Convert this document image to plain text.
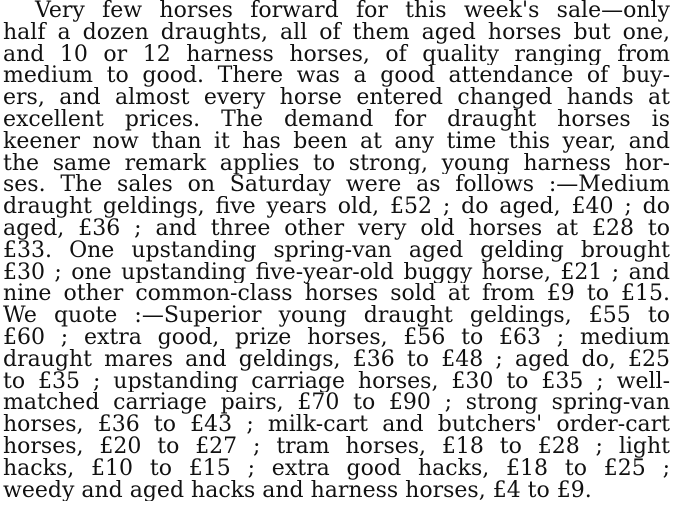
Very few horses forward for this week's sale—only
half a dozen draughts, all of them aged horses but one,
and 10 or 12 harness horses, of quality ranging from
medium to good. There was a good attendance of buy-
ers, and almost every horse entered changed hands at
excellent prices. The demand for draught horses is
keener now than it has been at any time this year, and
the same remark applies to strong, young harness hor-
ses. The sales on Saturday were as follows :—Medium
draught geldings, five years old, £52 ; do aged, £40 ; do
aged, £36 ; and three other very old horses at £28 to
£33. One upstanding spring-van aged gelding brought
£30 ; one upstanding five-year-old buggy horse, £21 ; and
nine other common-class horses sold at from £9 to £15.
We quote :—Superior young draught geldings, £55 to
£60 ; extra good, prize horses, £56 to £63 ; medium
draught mares and geldings, £36 to £48 ; aged do, £25
to £35 ; upstanding carriage horses, £30 to £35 ; well-
matched carriage pairs, £70 to £90 ; strong spring-van
horses, £36 to £43 ; milk-cart and butchers' order-cart
horses, £20 to £27 ; tram horses, £18 to £28 ; light
hacks, £10 to £15 ; extra good hacks, £18 to £25 ;
weedy and aged hacks and harness horses, £4 to £9.
